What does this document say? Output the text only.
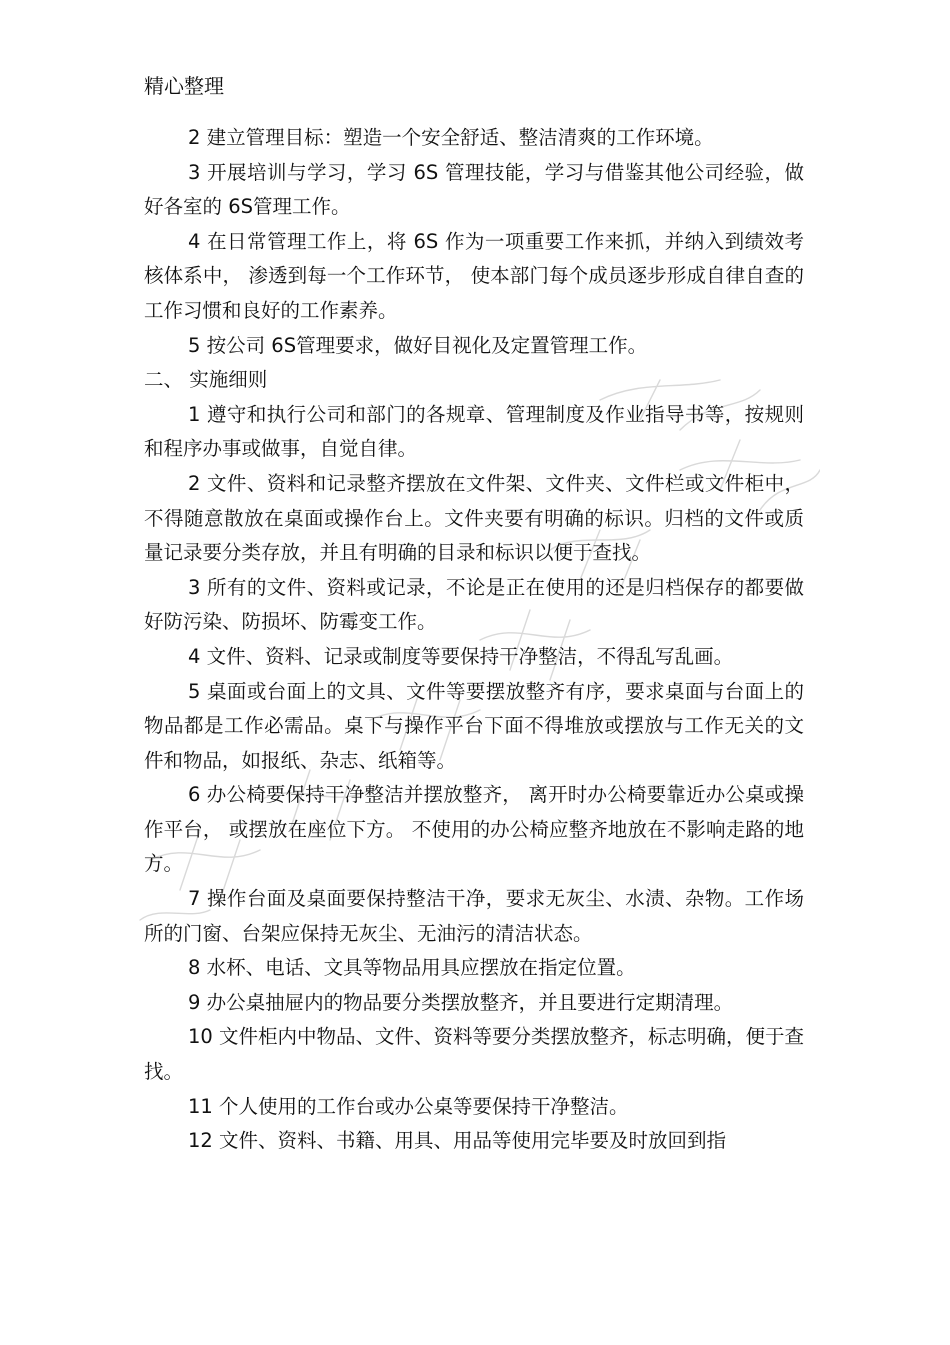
精心整理

2 建立管理目标：塑造一个安全舒适、整洁清爽的工作环境。

3 开展培训与学习，学习 6S 管理技能，学习与借鉴其他公司经验，做好各室的 6S管理工作。

4 在日常管理工作上，将 6S 作为一项重要工作来抓，并纳入到绩效考核体系中， 渗透到每一个工作环节， 使本部门每个成员逐步形成自律自查的工作习惯和良好的工作素养。

5 按公司 6S管理要求，做好目视化及定置管理工作。

二、 实施细则

1 遵守和执行公司和部门的各规章、管理制度及作业指导书等，按规则和程序办事或做事，自觉自律。

2 文件、资料和记录整齐摆放在文件架、文件夹、文件栏或文件柜中，不得随意散放在桌面或操作台上。文件夹要有明确的标识。归档的文件或质量记录要分类存放，并且有明确的目录和标识以便于查找。

3 所有的文件、资料或记录，不论是正在使用的还是归档保存的都要做好防污染、防损坏、防霉变工作。

4 文件、资料、记录或制度等要保持干净整洁，不得乱写乱画。

5 桌面或台面上的文具、文件等要摆放整齐有序，要求桌面与台面上的物品都是工作必需品。桌下与操作平台下面不得堆放或摆放与工作无关的文件和物品，如报纸、杂志、纸箱等。

6 办公椅要保持干净整洁并摆放整齐， 离开时办公椅要靠近办公桌或操作平台， 或摆放在座位下方。 不使用的办公椅应整齐地放在不影响走路的地方。

7 操作台面及桌面要保持整洁干净，要求无灰尘、水渍、杂物。工作场所的门窗、台架应保持无灰尘、无油污的清洁状态。

8 水杯、电话、文具等物品用具应摆放在指定位置。

9 办公桌抽屉内的物品要分类摆放整齐，并且要进行定期清理。

10 文件柜内中物品、文件、资料等要分类摆放整齐，标志明确，便于查找。

11 个人使用的工作台或办公桌等要保持干净整洁。

12 文件、资料、书籍、用具、用品等使用完毕要及时放回到指
